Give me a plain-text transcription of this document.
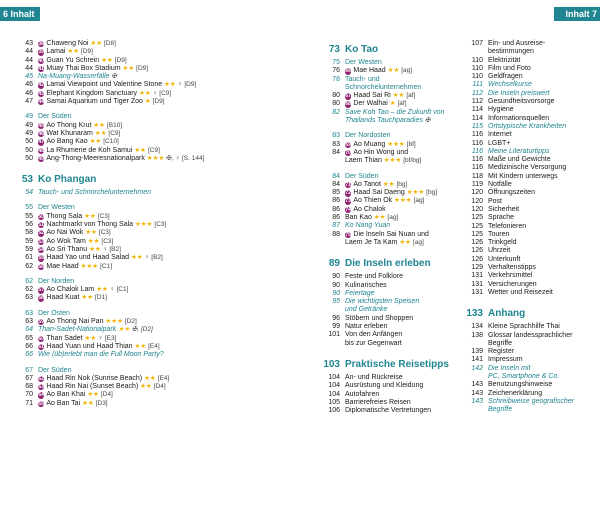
6 Inhalt	Inhalt 7
43 38 Chaweng Noi ★★ [D8]
44 39 Lamai ★★ [D9]
44 40 Guan Yu Schrein ★★ [D9]
44 41 Muay Thai Box Stadium ★★ [D9]
45 Na-Muang-Wasserfälle ✠
46 42 Lamai Viewpoint und Valentine Stone ★★ ♀ [D9]
46 43 Elephant Kingdom Sanctuary ★★ ♀ [C9]
47 44 Samai Aquarium und Tiger Zoo ★ [D9]
49 Der Süden
49 45 Ao Thong Krut ★★ [B10]
49 46 Wat Khunaram ★★ [C9]
50 47 Ao Bang Kao ★★ [C10]
50 48 La Rhumerie de Koh Samui ★★ [C9]
50 49 Ang-Thong-Meeresnationalpark ★★★ ✠, ♀ [S. 144]
53 Ko Phangan
54 Tauch- und Schnorchelunternehmen
55 Der Westen
55 50 Thong Sala ★★ [C3]
56 51 Nachtmarkt von Thong Sala ★★★ [C3]
58 52 Ao Nai Wok ★★ [C3]
59 53 Ao Wok Tam ★★ [C3]
59 54 Ao Sri Thanu ★★ ♀ [B2]
61 55 Haad Yao und Haad Salad ★★ ♀ [B2]
62 56 Mae Haad ★★★ [C1]
62 Der Norden
62 57 Ao Chalok Lam ★★ ♀ [C1]
63 58 Haad Kuat ★★ [D1]
63 Der Osten
63 59 Ao Thong Nai Pan ★★★ [D2]
64 Than-Sadet-Nationalpark ★★ ✠, [D2]
65 60 Than Sadet ★★ ♀ [E3]
66 61 Haad Yuan und Haad Thian ★★ [E4]
66 Wie (üb)erlebt man die Full Moon Party?
67 Der Süden
67 62 Haad Rin Nok (Sunrise Beach) ★★ [E4]
68 63 Haad Rin Nai (Sunset Beach) ★★ [D4]
70 64 Ao Ban Khai ★★ [D4]
71 65 Ao Ban Tai ★★ [D3]
73 Ko Tao
75 Der Westen
76 66 Mae Haad ★★ [ag]
78 Tauch- und
Schnorchelunternehmen
80 67 Haad Sai Ri ★★ [af]
80 68 Der Walhai ★ [af]
82 Save Koh Tao – die Zukunft von
Thailands Tauchparadies ✠
83 Der Nordosten
83 69 Ao Muang ★★★ [bf]
84 70 Ao Hin Wong und
Laem Thian ★★★ [bf/bg]
84 Der Süden
84 71 Ao Tanot ★★ [bg]
85 72 Haad Sai Daeng ★★★ [bg]
86 73 Ao Thien Ok ★★★ [ag]
86 74 Ao Chalok
86 Ban Kao ★★ [ag]
87 Ko Nang Yuan
88 75 Die Inseln Sai Nuan und
Laem Je Ta Kam ★★ [ag]
89 Die Inseln erleben
90 Feste und Folklore
90 Kulinarisches
90 Feiertage
95 Die wichtigsten Speisen
und Getränke
96 Stöbern und Shoppen
99 Natur erleben
101 Von den Anfängen
bis zur Gegenwart
103 Praktische Reisetipps
104 An- und Rückreise
104 Ausrüstung und Kleidung
104 Autofahren
105 Barrierefreies Reisen
106 Diplomatische Vertretungen
107 Ein- und Ausreise-
bestimmungen
110 Elektrizität
110 Film und Foto
110 Geldfragen
111 Wechselkurse
112 Die Inseln preiswert
112 Gesundheitsvorsorge
114 Hygiene
114 Informationsquellen
115 Ortstypische Krankheiten
116 Internet
116 LGBT+
116 Meine Literaturtipps
116 Maße und Gewichte
116 Medizinische Versorgung
118 Mit Kindern unterwegs
119 Notfälle
120 Öffnungszeiten
120 Post
120 Sicherheit
125 Sprache
125 Telefonieren
125 Touren
126 Trinkgeld
126 Uhrzeit
126 Unterkunft
129 Verhaltenstipps
131 Verkehrsmittel
131 Versicherungen
131 Wetter und Reisezeit
133 Anhang
134 Kleine Sprachhilfe Thai
138 Glossar landessprachlicher
Begriffe
139 Register
141 Impressum
142 Die Inseln mit
PC, Smartphone & Co.
143 Benutzungshinweise
143 Zeichenerklärung
143 Schreibweise geografischer
Begriffe
